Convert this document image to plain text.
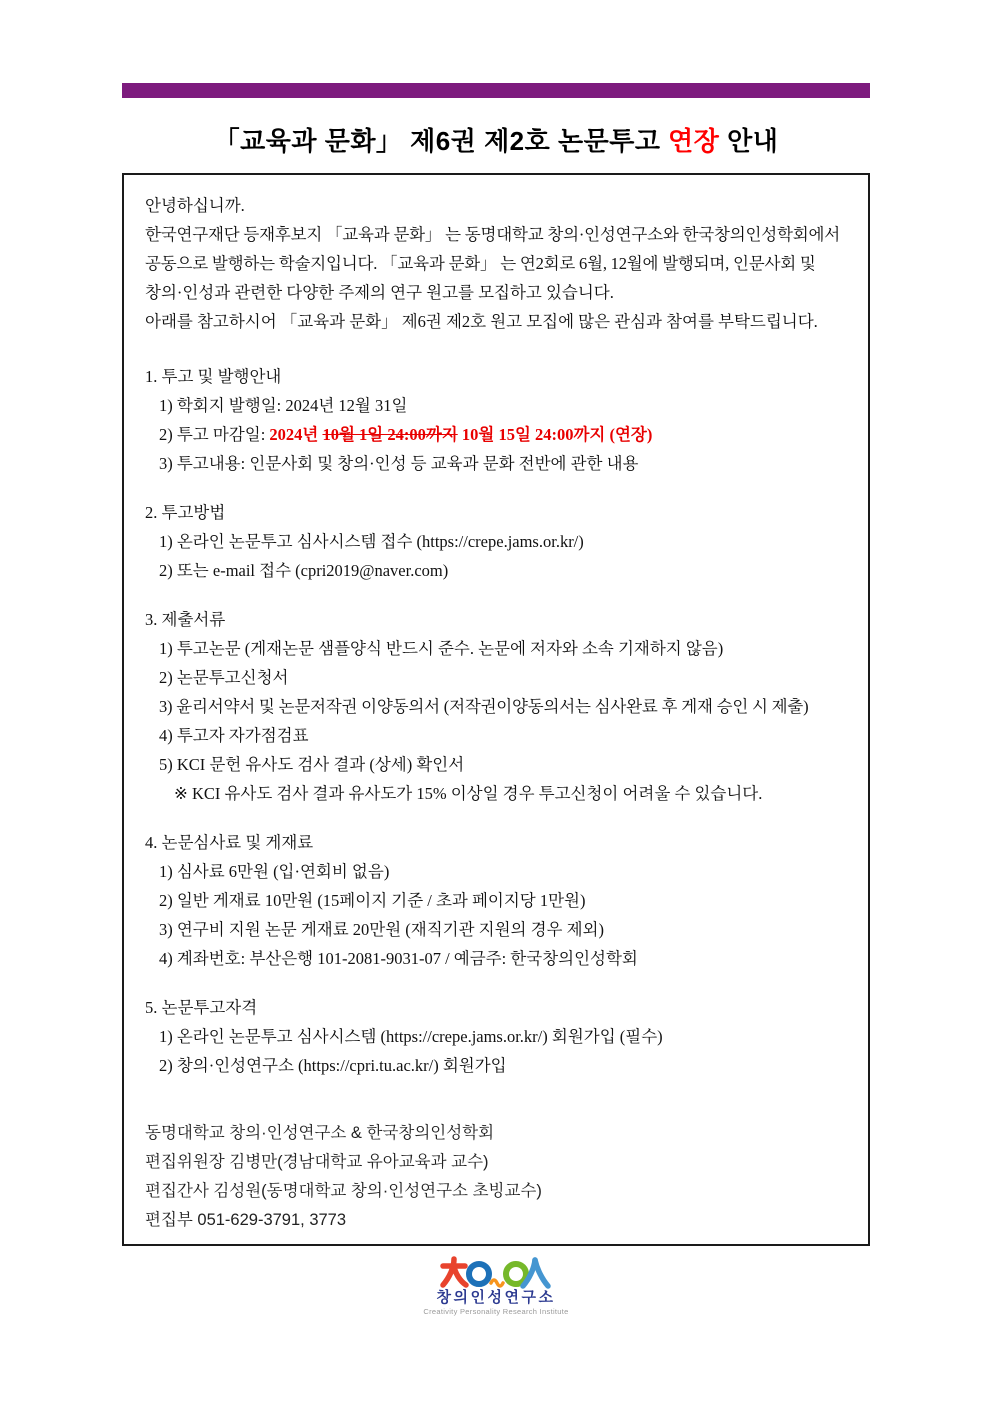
「교육과 문화」 제6권 제2호 논문투고 연장 안내
안녕하십니까.
한국연구재단 등재후보지 「교육과 문화」 는 동명대학교 창의·인성연구소와 한국창의인성학회에서
공동으로 발행하는 학술지입니다. 「교육과 문화」 는 연2회로 6월, 12월에 발행되며, 인문사회 및
창의·인성과 관련한 다양한 주제의 연구 원고를 모집하고 있습니다.
아래를 참고하시어 「교육과 문화」 제6권 제2호 원고 모집에 많은 관심과 참여를 부탁드립니다.
1. 투고 및 발행안내
1) 학회지 발행일: 2024년 12월 31일
2) 투고 마감일: 2024년 10월 1일 24:00까지 10월 15일 24:00까지 (연장)
3) 투고내용: 인문사회 및 창의·인성 등 교육과 문화 전반에 관한 내용
2. 투고방법
1) 온라인 논문투고 심사시스템 접수 (https://crepe.jams.or.kr/)
2) 또는 e-mail 접수 (cpri2019@naver.com)
3. 제출서류
1) 투고논문 (게재논문 샘플양식 반드시 준수. 논문에 저자와 소속 기재하지 않음)
2) 논문투고신청서
3) 윤리서약서 및 논문저작권 이양동의서 (저작권이양동의서는 심사완료 후 게재 승인 시 제출)
4) 투고자 자가점검표
5) KCI 문헌 유사도 검사 결과 (상세) 확인서
※ KCI 유사도 검사 결과 유사도가 15% 이상일 경우 투고신청이 어려울 수 있습니다.
4. 논문심사료 및 게재료
1) 심사료 6만원 (입·연회비 없음)
2) 일반 게재료 10만원 (15페이지 기준 / 초과 페이지당 1만원)
3) 연구비 지원 논문 게재료 20만원 (재직기관 지원의 경우 제외)
4) 계좌번호: 부산은행 101-2081-9031-07 / 예금주: 한국창의인성학회
5. 논문투고자격
1) 온라인 논문투고 심사시스템 (https://crepe.jams.or.kr/) 회원가입 (필수)
2) 창의·인성연구소 (https://cpri.tu.ac.kr/) 회원가입
동명대학교 창의·인성연구소 & 한국창의인성학회
편집위원장 김병만(경남대학교 유아교육과 교수)
편집간사 김성원(동명대학교 창의·인성연구소 초빙교수)
편집부 051-629-3791, 3773
창의인성연구소
Creativity Personality Research Institute
